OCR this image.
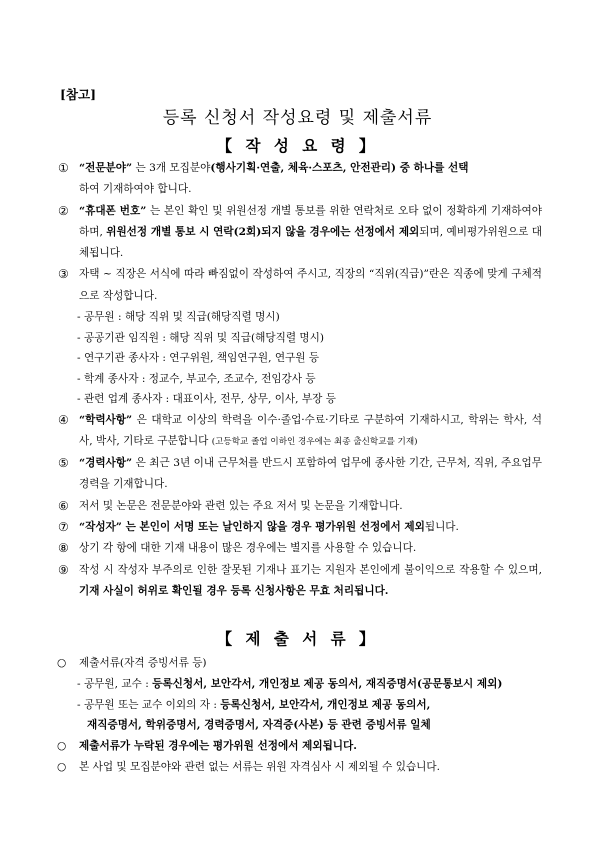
[참고]
등록 신청서 작성요령 및 제출서류
【 작 성 요 령 】
① “전문분야” 는 3개 모집분야(행사기획·연출, 체육·스포츠, 안전관리) 중 하나를 선택
하여 기재하여야 합니다.
② “휴대폰 번호” 는 본인 확인 및 위원선정 개별 통보를 위한 연락처로 오타 없이 정확하게 기재하여야 하며, 위원선정 개별 통보 시 연락(2회)되지 않을 경우에는 선정에서 제외되며, 예비평가위원으로 대체됩니다.
③ 자택 ~ 직장은 서식에 따라 빠짐없이 작성하여 주시고, 직장의 “직위(직급)”란은 직종에 맞게 구체적으로 작성합니다.
- 공무원 : 해당 직위 및 직급(해당직렬 명시)
- 공공기관 임직원 : 해당 직위 및 직급(해당직렬 명시)
- 연구기관 종사자 : 연구위원, 책임연구원, 연구원 등
- 학계 종사자 : 정교수, 부교수, 조교수, 전임강사 등
- 관련 업계 종사자 : 대표이사, 전무, 상무, 이사, 부장 등
④ “학력사항” 은 대학교 이상의 학력을 이수·졸업·수료·기타로 구분하여 기재하시고, 학위는 학사, 석사, 박사, 기타로 구분합니다 (고등학교 졸업 이하인 경우에는 최종 출신학교를 기재)
⑤ “경력사항” 은 최근 3년 이내 근무처를 반드시 포함하여 업무에 종사한 기간, 근무처, 직위, 주요업무 경력을 기재합니다.
⑥ 저서 및 논문은 전문분야와 관련 있는 주요 저서 및 논문을 기재합니다.
⑦ “작성자” 는 본인이 서명 또는 날인하지 않을 경우 평가위원 선정에서 제외됩니다.
⑧ 상기 각 항에 대한 기재 내용이 많은 경우에는 별지를 사용할 수 있습니다.
⑨ 작성 시 작성자 부주의로 인한 잘못된 기재나 표기는 지원자 본인에게 불이익으로 작용할 수 있으며, 기재 사실이 허위로 확인될 경우 등록 신청사항은 무효 처리됩니다.
【 제 출 서 류 】
○ 제출서류(자격 증빙서류 등)
- 공무원, 교수 : 등록신청서, 보안각서, 개인정보 제공 동의서, 재직증명서(공문통보시 제외)
- 공무원 또는 교수 이외의 자 : 등록신청서, 보안각서, 개인정보 제공 동의서,
재직증명서, 학위증명서, 경력증명서, 자격증(사본) 등 관련 증빙서류 일체
○ 제출서류가 누락된 경우에는 평가위원 선정에서 제외됩니다.
○ 본 사업 및 모집분야와 관련 없는 서류는 위원 자격심사 시 제외될 수 있습니다.
